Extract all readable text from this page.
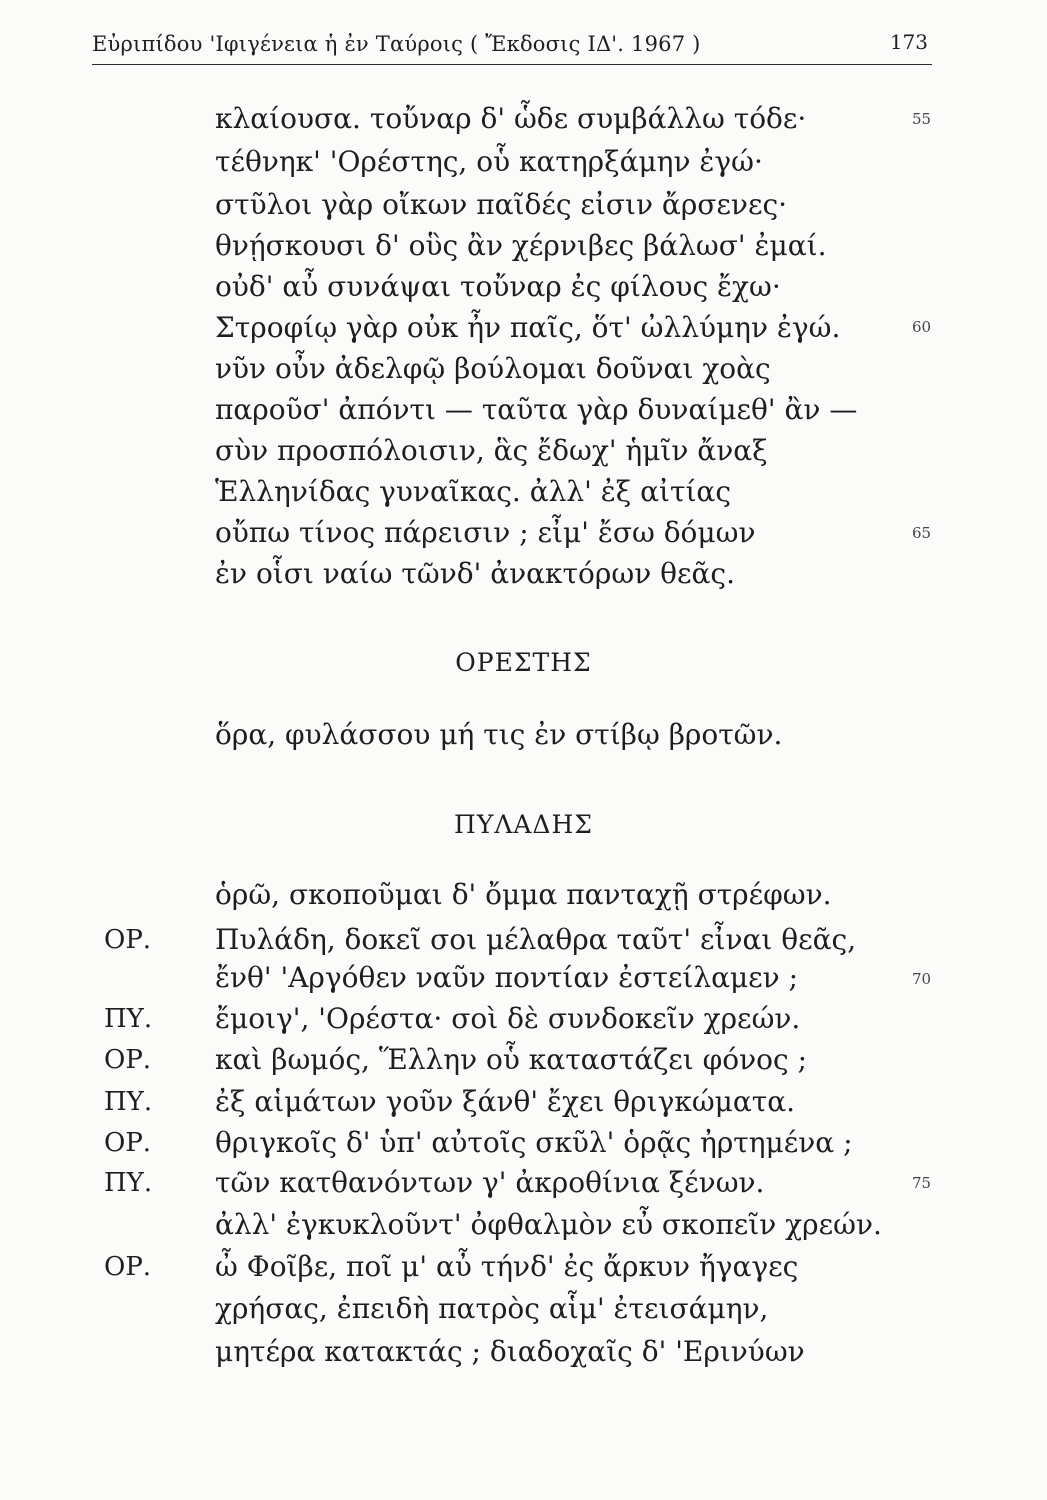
Εὐριπίδου 'Ιφιγένεια ἡ ἐν Ταύροις ( Ἔκδοσις ΙΔ'. 1967 )	173
κλαίουσα. τοὔναρ δ' ὧδε συμβάλλω τόδε·
τέθνηκ' 'Ορέστης, οὗ κατηρξάμην ἐγώ·
στῦλοι γὰρ οἴκων παῖδές εἰσιν ἄρσενες·
θνῄσκουσι δ' οὓς ἂν χέρνιβες βάλωσ' ἐμαί.
οὐδ' αὖ συνάψαι τοὔναρ ἐς φίλους ἔχω·
Στροφίῳ γὰρ οὐκ ἦν παῖς, ὅτ' ὠλλύμην ἐγώ.
νῦν οὖν ἀδελφῷ βούλομαι δοῦναι χοὰς
παροῦσ' ἀπόντι — ταῦτα γὰρ δυναίμεθ' ἂν —
σὺν προσπόλοισιν, ἃς ἔδωχ' ἡμῖν ἄναξ
Ἑλληνίδας γυναῖκας. ἀλλ' ἐξ αἰτίας
οὔπω τίνος πάρεισιν ; εἶμ' ἔσω δόμων
ἐν οἷσι ναίω τῶνδ' ἀνακτόρων θεᾶς.
55
60
65
ΟΡΕΣΤΗΣ
ὅρα, φυλάσσου μή τις ἐν στίβῳ βροτῶν.
ΠΥΛΑΔΗΣ
ὁρῶ, σκοποῦμαι δ' ὄμμα πανταχῇ στρέφων.
ΟΡ. Πυλάδη, δοκεῖ σοι μέλαθρα ταῦτ' εἶναι θεᾶς,
ἔνθ' 'Αργόθεν ναῦν ποντίαν ἐστείλαμεν ;	70
ΠΥ. ἔμοιγ', 'Ορέστα· σοὶ δὲ συνδοκεῖν χρεών.
ΟΡ. καὶ βωμός, Ἕλλην οὗ καταστάζει φόνος ;
ΠΥ. ἐξ αἱμάτων γοῦν ξάνθ' ἔχει θριγκώματα.
ΟΡ. θριγκοῖς δ' ὑπ' αὐτοῖς σκῦλ' ὁρᾷς ἠρτημένα ;
ΠΥ. τῶν κατθανόντων γ' ἀκροθίνια ξένων.	75
ἀλλ' ἐγκυκλοῦντ' ὀφθαλμὸν εὖ σκοπεῖν χρεών.
ΟΡ. ὦ Φοῖβε, ποῖ μ' αὖ τήνδ' ἐς ἄρκυν ἤγαγες
χρήσας, ἐπειδὴ πατρὸς αἷμ' ἐτεισάμην,
μητέρα κατακτάς ; διαδοχαῖς δ' 'Ερινύων
